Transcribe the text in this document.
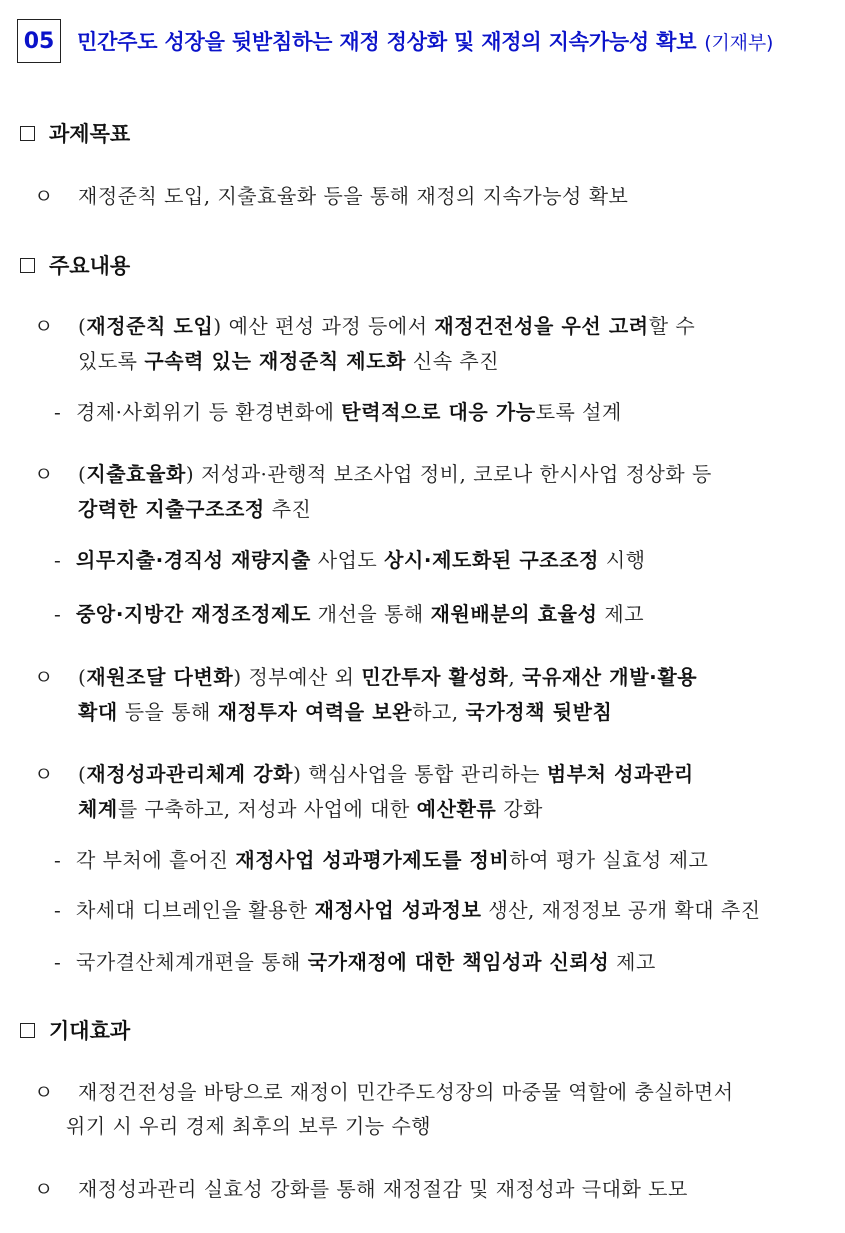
05 민간주도 성장을 뒷받침하는 재정 정상화 및 재정의 지속가능성 확보 (기재부)
과제목표
ㅇ 재정준칙 도입, 지출효율화 등을 통해 재정의 지속가능성 확보
주요내용
ㅇ (재정준칙 도입) 예산 편성 과정 등에서 재정건전성을 우선 고려할 수
있도록 구속력 있는 재정준칙 제도화 신속 추진
- 경제·사회위기 등 환경변화에 탄력적으로 대응 가능토록 설계
ㅇ (지출효율화) 저성과·관행적 보조사업 정비, 코로나 한시사업 정상화 등
강력한 지출구조조정 추진
- 의무지출·경직성 재량지출 사업도 상시·제도화된 구조조정 시행
- 중앙·지방간 재정조정제도 개선을 통해 재원배분의 효율성 제고
ㅇ (재원조달 다변화) 정부예산 외 민간투자 활성화, 국유재산 개발·활용
확대 등을 통해 재정투자 여력을 보완하고, 국가정책 뒷받침
ㅇ (재정성과관리체계 강화) 핵심사업을 통합 관리하는 범부처 성과관리
체계를 구축하고, 저성과 사업에 대한 예산환류 강화
- 각 부처에 흩어진 재정사업 성과평가제도를 정비하여 평가 실효성 제고
- 차세대 디브레인을 활용한 재정사업 성과정보 생산, 재정정보 공개 확대 추진
- 국가결산체계개편을 통해 국가재정에 대한 책임성과 신뢰성 제고
기대효과
ㅇ 재정건전성을 바탕으로 재정이 민간주도성장의 마중물 역할에 충실하면서
위기 시 우리 경제 최후의 보루 기능 수행
ㅇ 재정성과관리 실효성 강화를 통해 재정절감 및 재정성과 극대화 도모
